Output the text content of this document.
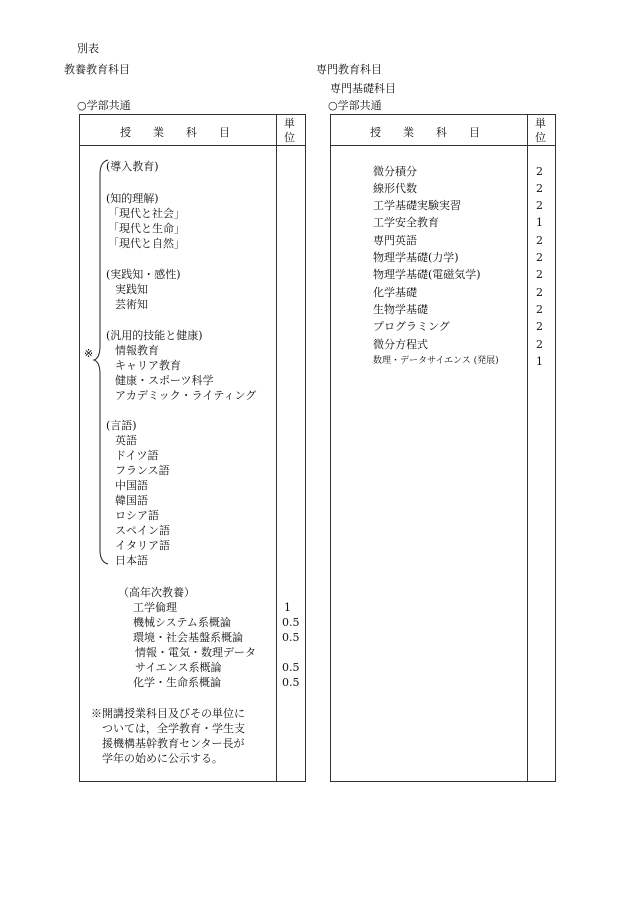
別表
教養教育科目	専門教育科目
専門基礎科目
○学部共通	○学部共通
授　　業　　科　　目
単
位
(導入教育)
(知的理解)
「現代と社会」
「現代と生命」
「現代と自然」
(実践知・感性)
実践知
芸術知
(汎用的技能と健康)
情報教育
キャリア教育
健康・スポーツ科学
アカデミック・ライティング
(言語)
英語
ドイツ語
フランス語
中国語
韓国語
ロシア語
スペイン語
イタリア語
日本語
※
（高年次教養）
工学倫理	1
機械システム系概論	0.5
環境・社会基盤系概論	0.5
情報・電気・数理データ
サイエンス系概論	0.5
化学・生命系概論	0.5
※開講授業科目及びその単位に
ついては，全学教育・学生支
援機構基幹教育センター長が
学年の始めに公示する。
授　　業　　科　　目
単
位
微分積分	2
線形代数	2
工学基礎実験実習	2
工学安全教育	1
専門英語	2
物理学基礎(力学)	2
物理学基礎(電磁気学)	2
化学基礎	2
生物学基礎	2
プログラミング	2
微分方程式	2
数理・データサイエンス (発展)	1
